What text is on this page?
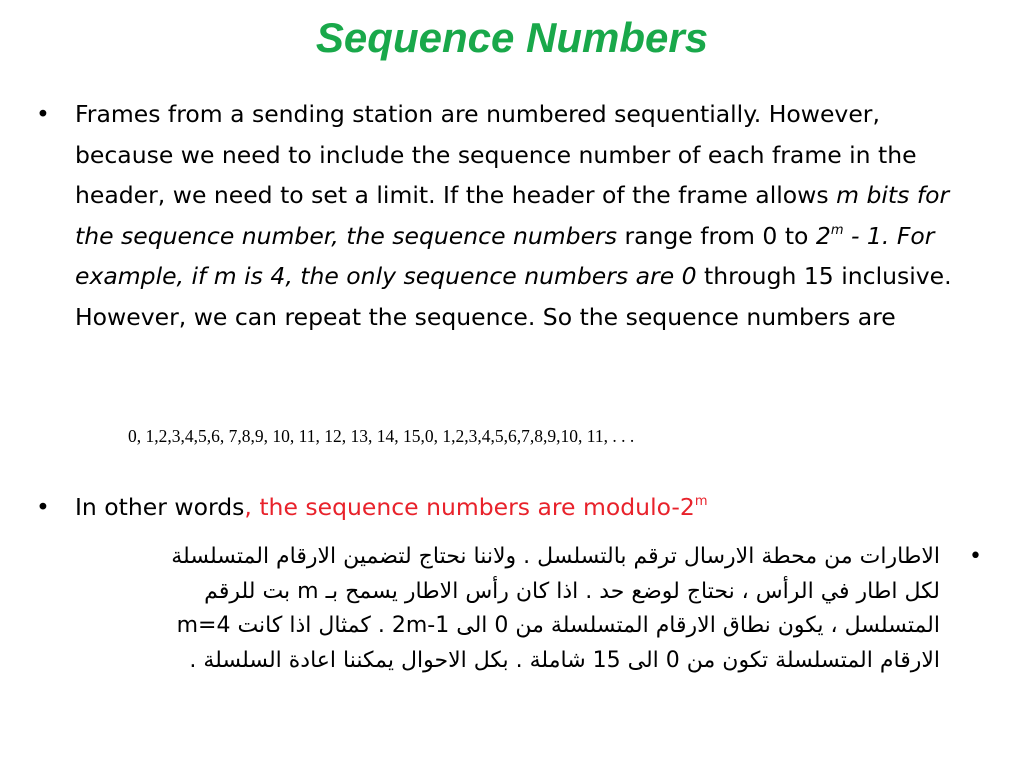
Sequence Numbers
• Frames from a sending station are numbered sequentially. However, because we need to include the sequence number of each frame in the header, we need to set a limit. If the header of the frame allows m bits for the sequence number, the sequence numbers range from 0 to 2$^m$ - 1. For example, if m is 4, the only sequence numbers are 0 through 15 inclusive. However, we can repeat the sequence. So the sequence numbers are

0, 1,2,3,4,5,6, 7,8,9, 10, 11, 12, 13, 14, 15,0, 1,2,3,4,5,6,7,8,9,10, 11, . . .

• In other words, the sequence numbers are modulo-2$^m$
•
الاطارات من محطة الارسال ترقم بالتسلسل . ولاننا نحتاج لتضمين الارقام المتسلسلة
لكل اطار في الرأس ، نحتاج لوضع حد . اذا كان رأس الاطار يسمح بـ m بت للرقم
المتسلسل ، يكون نطاق الارقام المتسلسلة من 0 الى 1-2m . كمثال اذا كانت m=4
الارقام المتسلسلة تكون من 0 الى 15 شاملة . بكل الاحوال يمكننا اعادة السلسلة .
